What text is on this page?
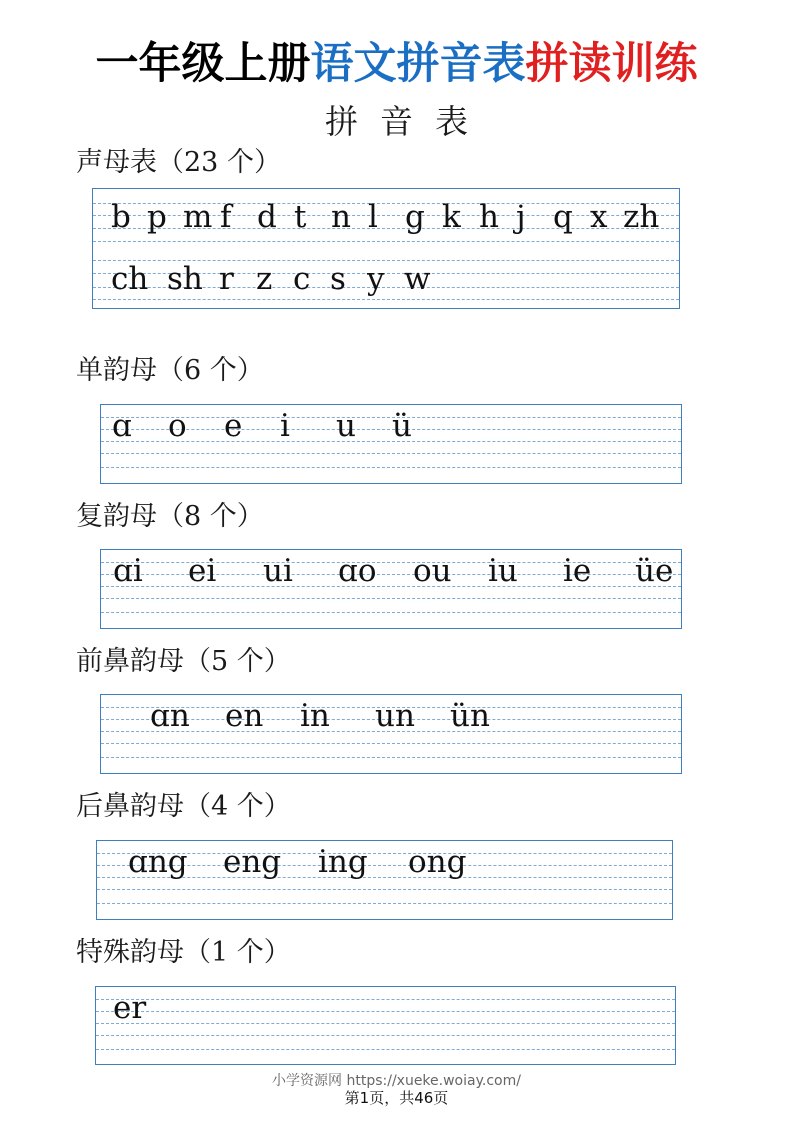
一年级上册语文拼音表拼读训练
拼音表
声母表（23 个）
b p m f d t n l g k h j q x zh
ch sh r z c s y w
单韵母（6 个）
ɑ o e i u ü
复韵母（8 个）
ɑi ei ui ɑo ou iu ie üe
前鼻韵母（5 个）
ɑn en in un ün
后鼻韵母（4 个）
ɑng eng ing ong
特殊韵母（1 个）
er
小学资源网 https://xueke.woiay.com/
第1页，共46页
